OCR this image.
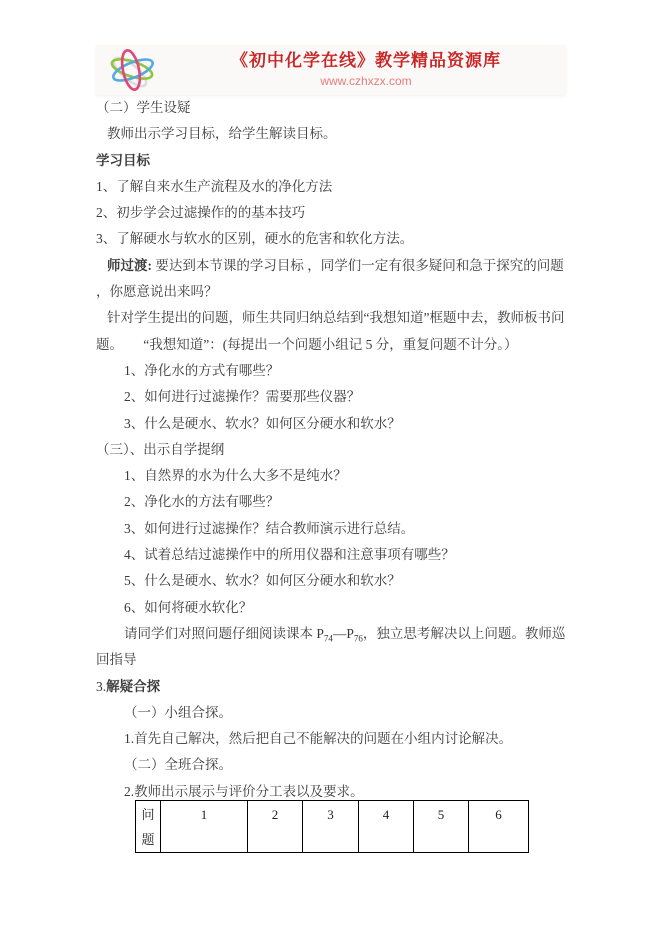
《初中化学在线》教学精品资源库
www.czhxzx.com

（二）学生设疑

教师出示学习目标，给学生解读目标。

学习目标

1、了解自来水生产流程及水的净化方法

2、初步学会过滤操作的的基本技巧

3、了解硬水与软水的区别，硬水的危害和软化方法。

师过渡: 要达到本节课的学习目标 ，同学们一定有很多疑问和急于探究的问题 ，你愿意说出来吗？

针对学生提出的问题，师生共同归纳总结到“我想知道”框题中去，教师板书问题。      “我想知道”：(每提出一个问题小组记 5 分，重复问题不计分。）

1、净化水的方式有哪些？

2、如何进行过滤操作？需要那些仪器？

3、什么是硬水、软水？如何区分硬水和软水？

（三）、出示自学提纲

1、自然界的水为什么大多不是纯水？

2、净化水的方法有哪些？

3、如何进行过滤操作？结合教师演示进行总结。

4、试着总结过滤操作中的所用仪器和注意事项有哪些？

5、什么是硬水、软水？如何区分硬水和软水？

6、如何将硬水软化？

请同学们对照问题仔细阅读课本 $P_{74}—P_{76}$，独立思考解决以上问题。教师巡回指导

3.解疑合探

（一）小组合探。

1.首先自己解决，然后把自己不能解决的问题在小组内讨论解决。

（二）全班合探。

2.教师出示展示与评价分工表以及要求。

问题	1	2	3	4	5	6
